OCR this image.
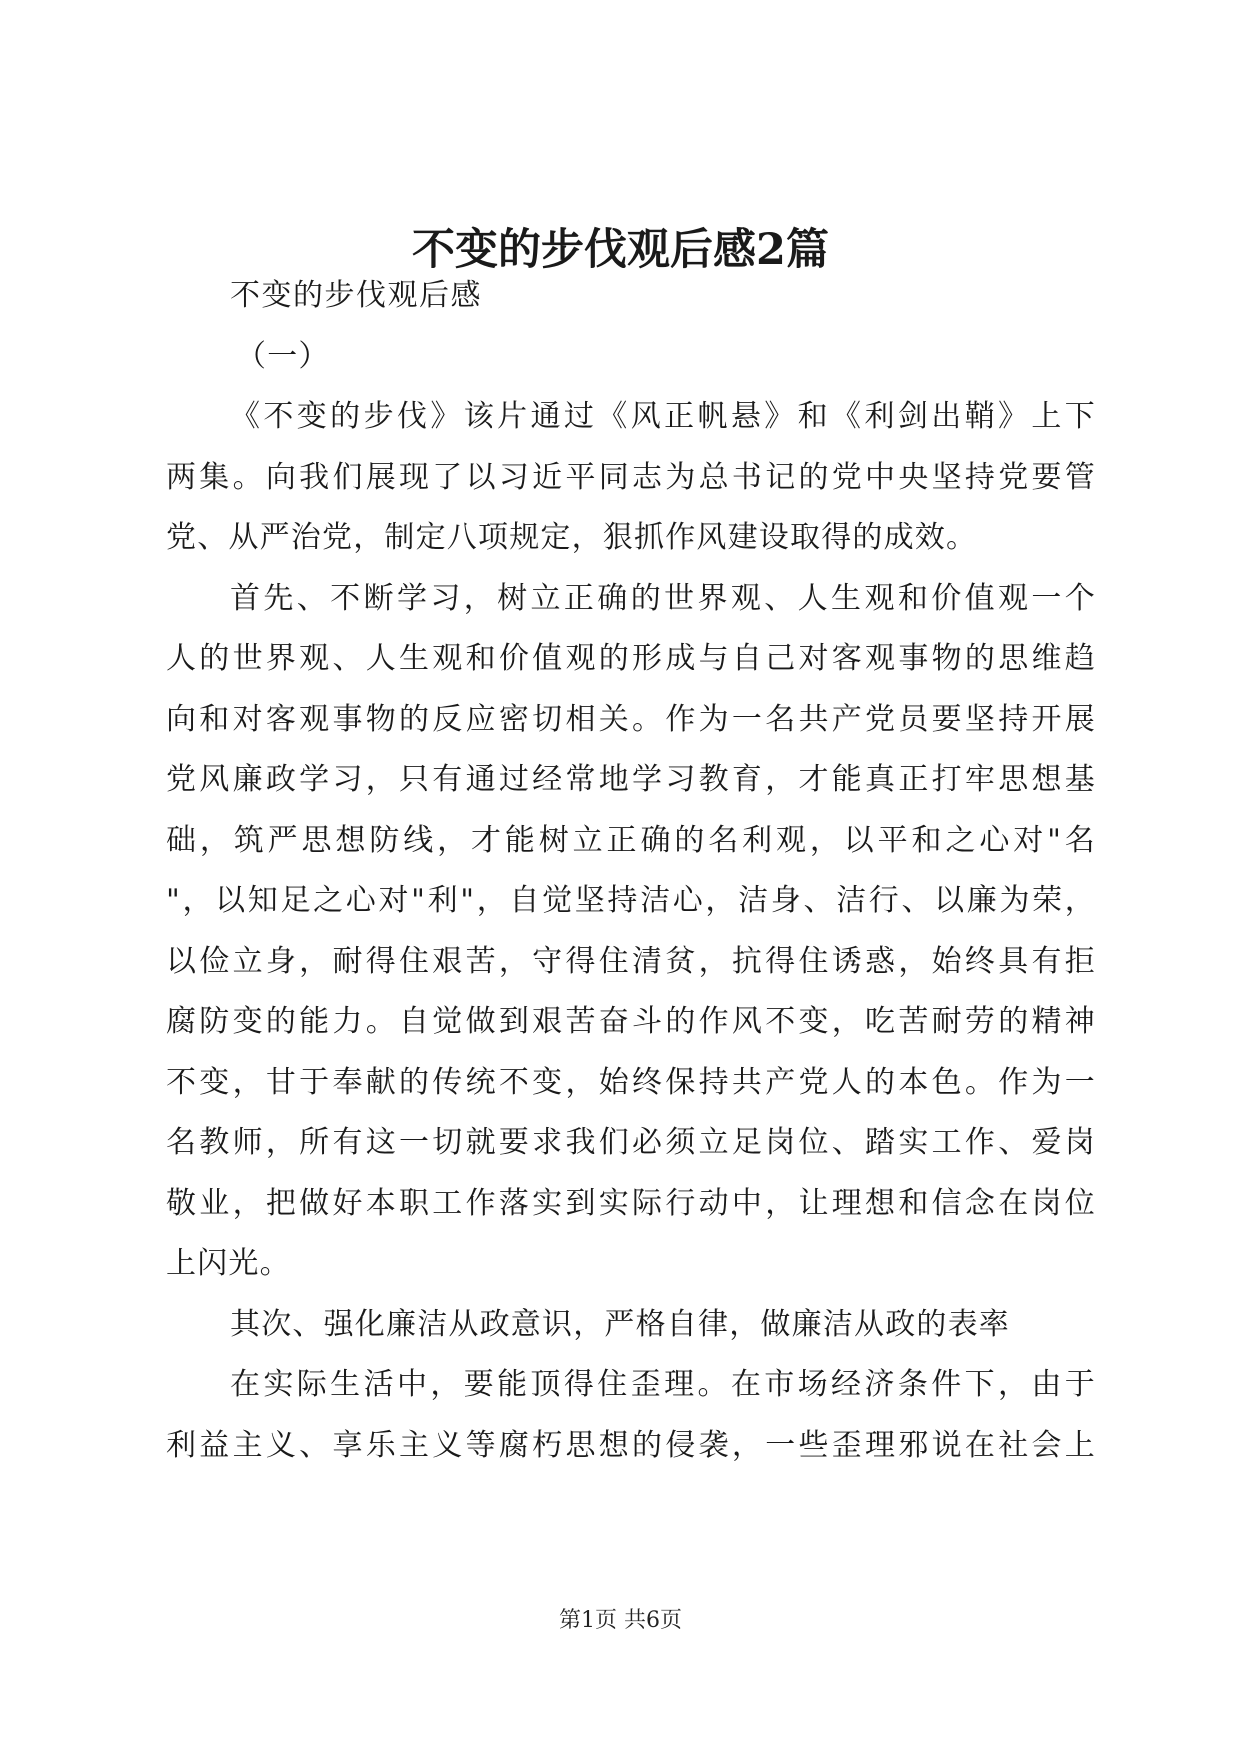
不变的步伐观后感2篇
不变的步伐观后感
（一）
《不变的步伐》该片通过《风正帆悬》和《利剑出鞘》上下
两集。向我们展现了以习近平同志为总书记的党中央坚持党要管
党、从严治党，制定八项规定，狠抓作风建设取得的成效。
首先、不断学习，树立正确的世界观、人生观和价值观一个
人的世界观、人生观和价值观的形成与自己对客观事物的思维趋
向和对客观事物的反应密切相关。作为一名共产党员要坚持开展
党风廉政学习，只有通过经常地学习教育，才能真正打牢思想基
础，筑严思想防线，才能树立正确的名利观，以平和之心对"名
"，以知足之心对"利"，自觉坚持洁心，洁身、洁行、以廉为荣，
以俭立身，耐得住艰苦，守得住清贫，抗得住诱惑，始终具有拒
腐防变的能力。自觉做到艰苦奋斗的作风不变，吃苦耐劳的精神
不变，甘于奉献的传统不变，始终保持共产党人的本色。作为一
名教师，所有这一切就要求我们必须立足岗位、踏实工作、爱岗
敬业，把做好本职工作落实到实际行动中，让理想和信念在岗位
上闪光。
其次、强化廉洁从政意识，严格自律，做廉洁从政的表率
在实际生活中，要能顶得住歪理。在市场经济条件下，由于
利益主义、享乐主义等腐朽思想的侵袭，一些歪理邪说在社会上
第1页 共6页
